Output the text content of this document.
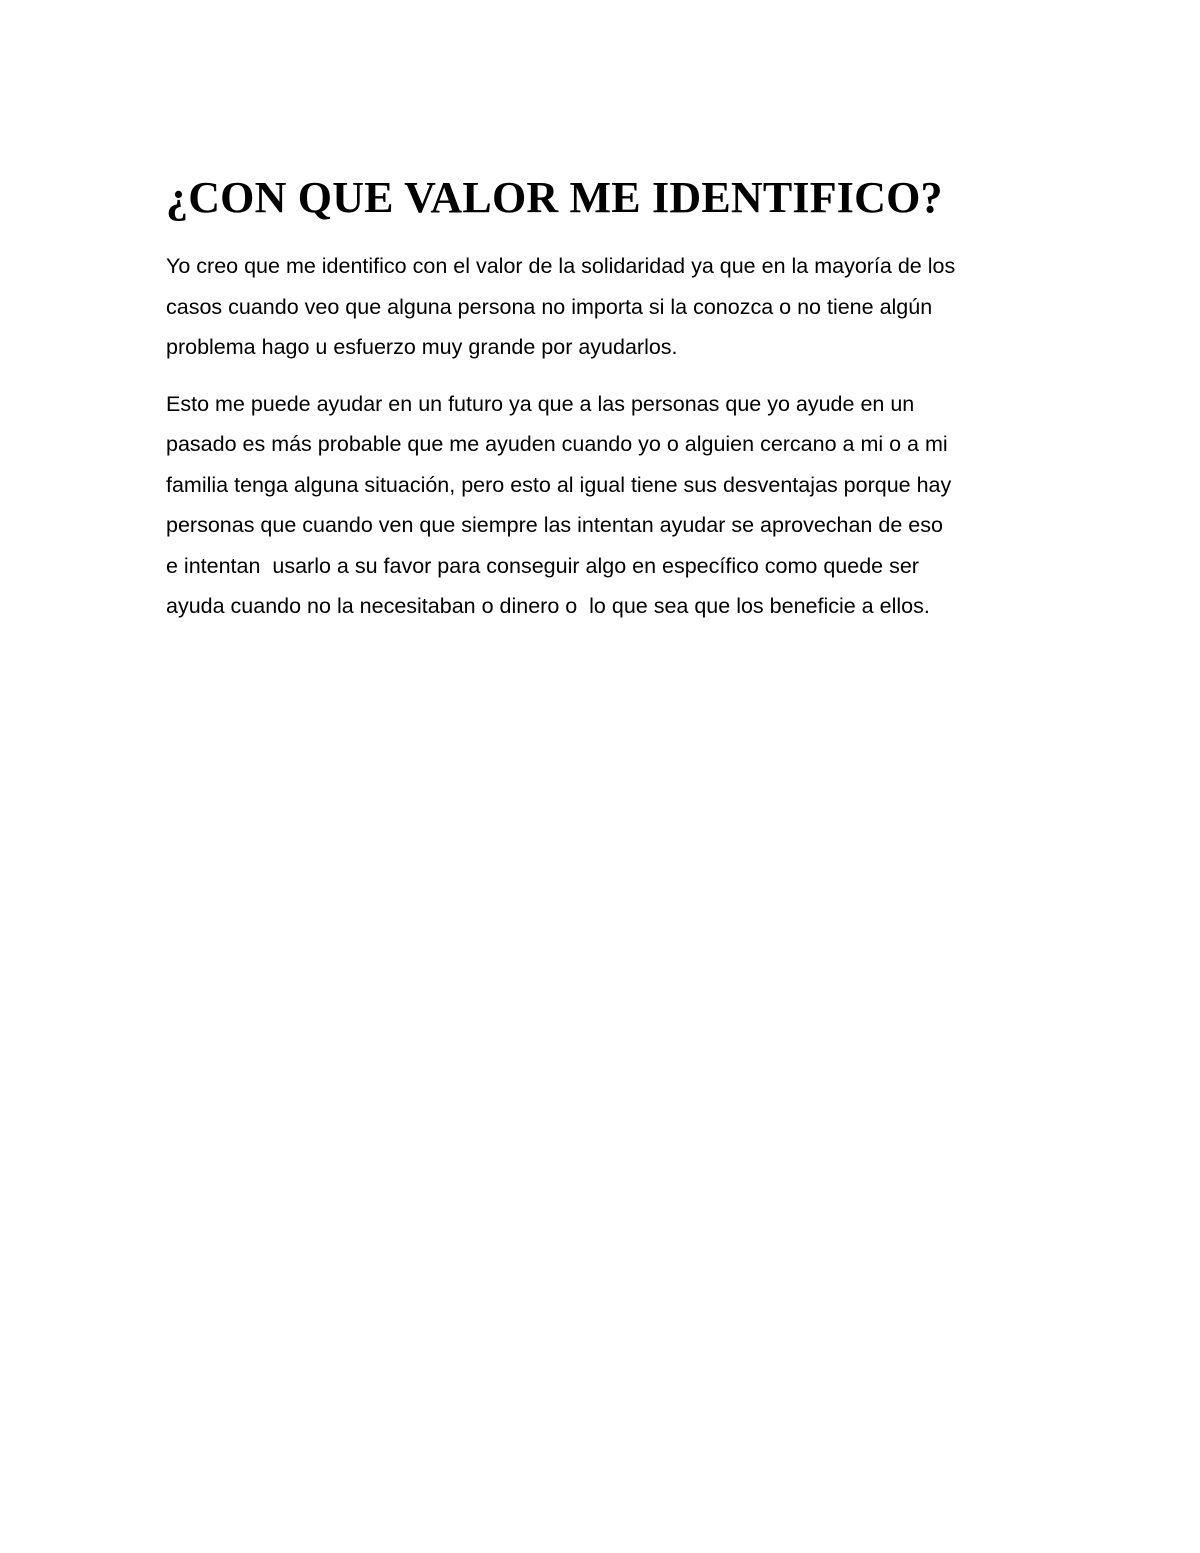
¿CON QUE VALOR ME IDENTIFICO?

Yo creo que me identifico con el valor de la solidaridad ya que en la mayoría de los
casos cuando veo que alguna persona no importa si la conozca o no tiene algún
problema hago u esfuerzo muy grande por ayudarlos.

Esto me puede ayudar en un futuro ya que a las personas que yo ayude en un
pasado es más probable que me ayuden cuando yo o alguien cercano a mi o a mi
familia tenga alguna situación, pero esto al igual tiene sus desventajas porque hay
personas que cuando ven que siempre las intentan ayudar se aprovechan de eso
e intentan  usarlo a su favor para conseguir algo en específico como quede ser
ayuda cuando no la necesitaban o dinero o  lo que sea que los beneficie a ellos.
